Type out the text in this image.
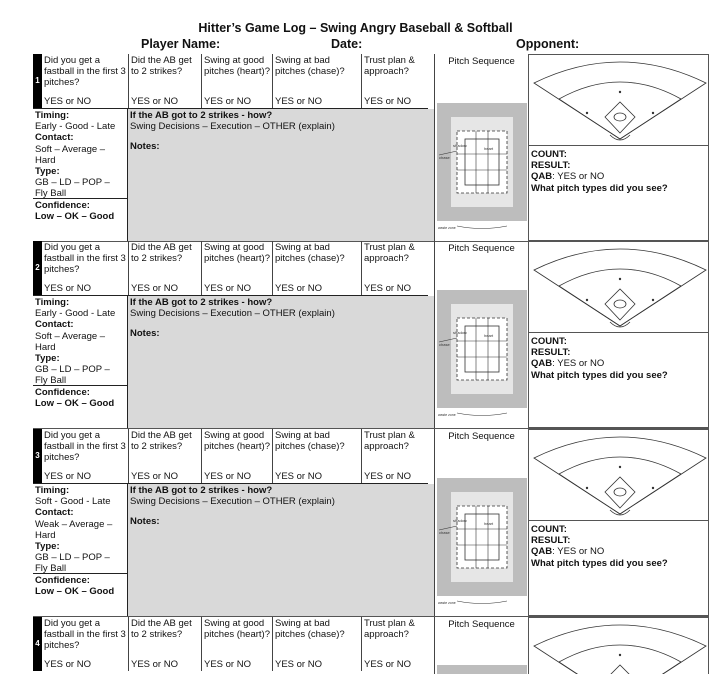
Hitter’s Game Log – Swing Angry Baseball & Softball
Player Name:	Date:	Opponent:
1
Did you get a fastball in the first 3 pitches?
YES or NO
Did the AB get to 2 strikes?
YES or NO
Swing at good pitches (heart)?
YES or NO
Swing at bad pitches (chase)?
YES or NO
Trust plan & approach?
YES or NO
Pitch Sequence
heart
shadow
chase
waste zone
Timing:
Early - Good - Late
Contact:
Soft – Average – Hard
Type:
GB – LD – POP – Fly Ball
Confidence:
Low – OK – Good
If the AB got to 2 strikes - how?
Swing Decisions – Execution – OTHER (explain)
Notes:
COUNT:
RESULT:
QAB: YES or NO
What pitch types did you see?
2
Did you get a fastball in the first 3 pitches?
YES or NO
Did the AB get to 2 strikes?
YES or NO
Swing at good pitches (heart)?
YES or NO
Swing at bad pitches (chase)?
YES or NO
Trust plan & approach?
YES or NO
Pitch Sequence
heart
shadow
chase
waste zone
Timing:
Early - Good - Late
Contact:
Soft – Average – Hard
Type:
GB – LD – POP – Fly Ball
Confidence:
Low – OK – Good
If the AB got to 2 strikes - how?
Swing Decisions – Execution – OTHER (explain)
Notes:
COUNT:
RESULT:
QAB: YES or NO
What pitch types did you see?
3
Did you get a fastball in the first 3 pitches?
YES or NO
Did the AB get to 2 strikes?
YES or NO
Swing at good pitches (heart)?
YES or NO
Swing at bad pitches (chase)?
YES or NO
Trust plan & approach?
YES or NO
Pitch Sequence
heart
shadow
chase
waste zone
Timing:
Soft - Good - Late
Contact:
Weak – Average – Hard
Type:
GB – LD – POP – Fly Ball
Confidence:
Low – OK – Good
If the AB got to 2 strikes - how?
Swing Decisions – Execution – OTHER (explain)
Notes:
COUNT:
RESULT:
QAB: YES or NO
What pitch types did you see?
4
Did you get a fastball in the first 3 pitches?
YES or NO
Did the AB get to 2 strikes?
YES or NO
Swing at good pitches (heart)?
YES or NO
Swing at bad pitches (chase)?
YES or NO
Trust plan & approach?
YES or NO
Pitch Sequence
